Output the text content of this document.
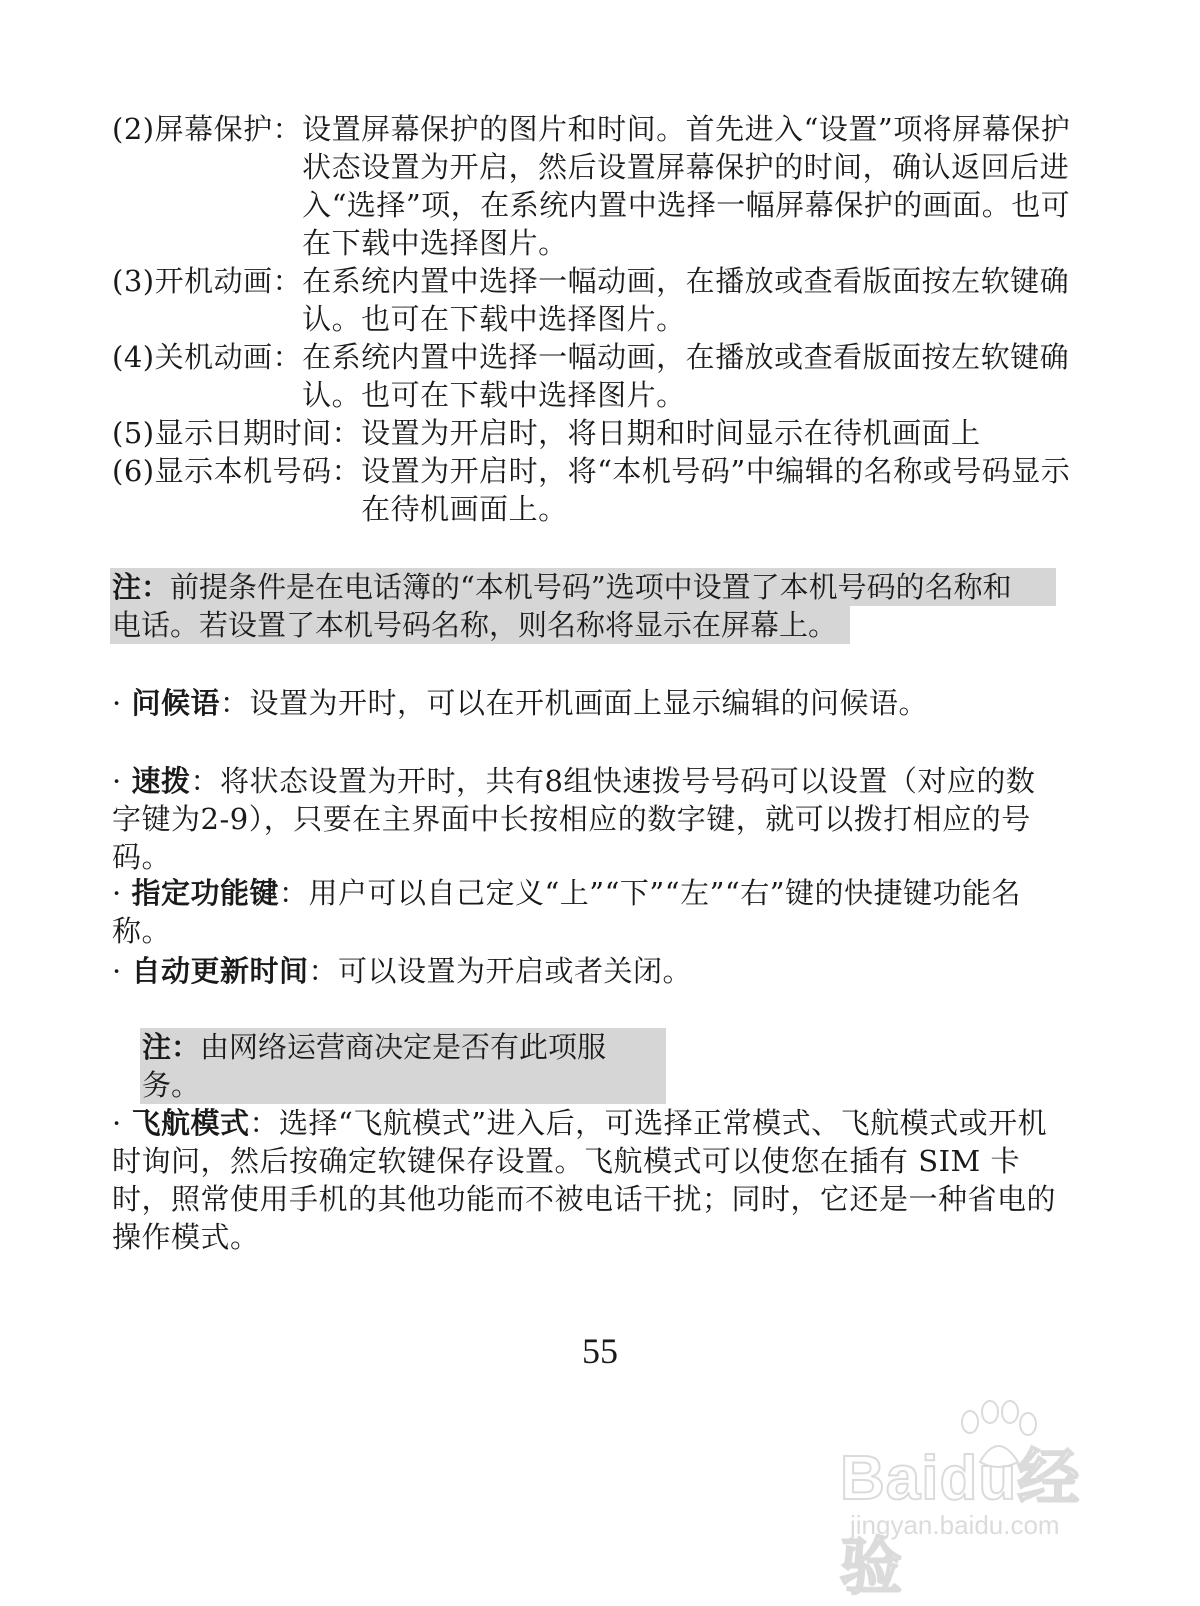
(2)屏幕保护： 设置屏幕保护的图片和时间。首先进入“设置”项将屏幕保护状态设置为开启，然后设置屏幕保护的时间，确认返回后进入“选择”项，在系统内置中选择一幅屏幕保护的画面。也可在下载中选择图片。
(3)开机动画： 在系统内置中选择一幅动画，在播放或查看版面按左软键确认。也可在下载中选择图片。
(4)关机动画： 在系统内置中选择一幅动画，在播放或查看版面按左软键确认。也可在下载中选择图片。
(5)显示日期时间： 设置为开启时，将日期和时间显示在待机画面上
(6)显示本机号码： 设置为开启时，将“本机号码”中编辑的名称或号码显示在待机画面上。
注：前提条件是在电话簿的“本机号码”选项中设置了本机号码的名称和
电话。若设置了本机号码名称，则名称将显示在屏幕上。
· 问候语：设置为开时，可以在开机画面上显示编辑的问候语。
· 速拨：将状态设置为开时，共有8组快速拨号号码可以设置（对应的数字键为2-9），只要在主界面中长按相应的数字键，就可以拨打相应的号码。
· 指定功能键：用户可以自己定义“上”“下”“左”“右”键的快捷键功能名称。
· 自动更新时间：可以设置为开启或者关闭。
注：由网络运营商决定是否有此项服务。
· 飞航模式：选择“飞航模式”进入后，可选择正常模式、飞航模式或开机时询问，然后按确定软键保存设置。飞航模式可以使您在插有 SIM 卡时，照常使用手机的其他功能而不被电话干扰；同时，它还是一种省电的操作模式。
55
Baidu经验
jingyan.baidu.com
